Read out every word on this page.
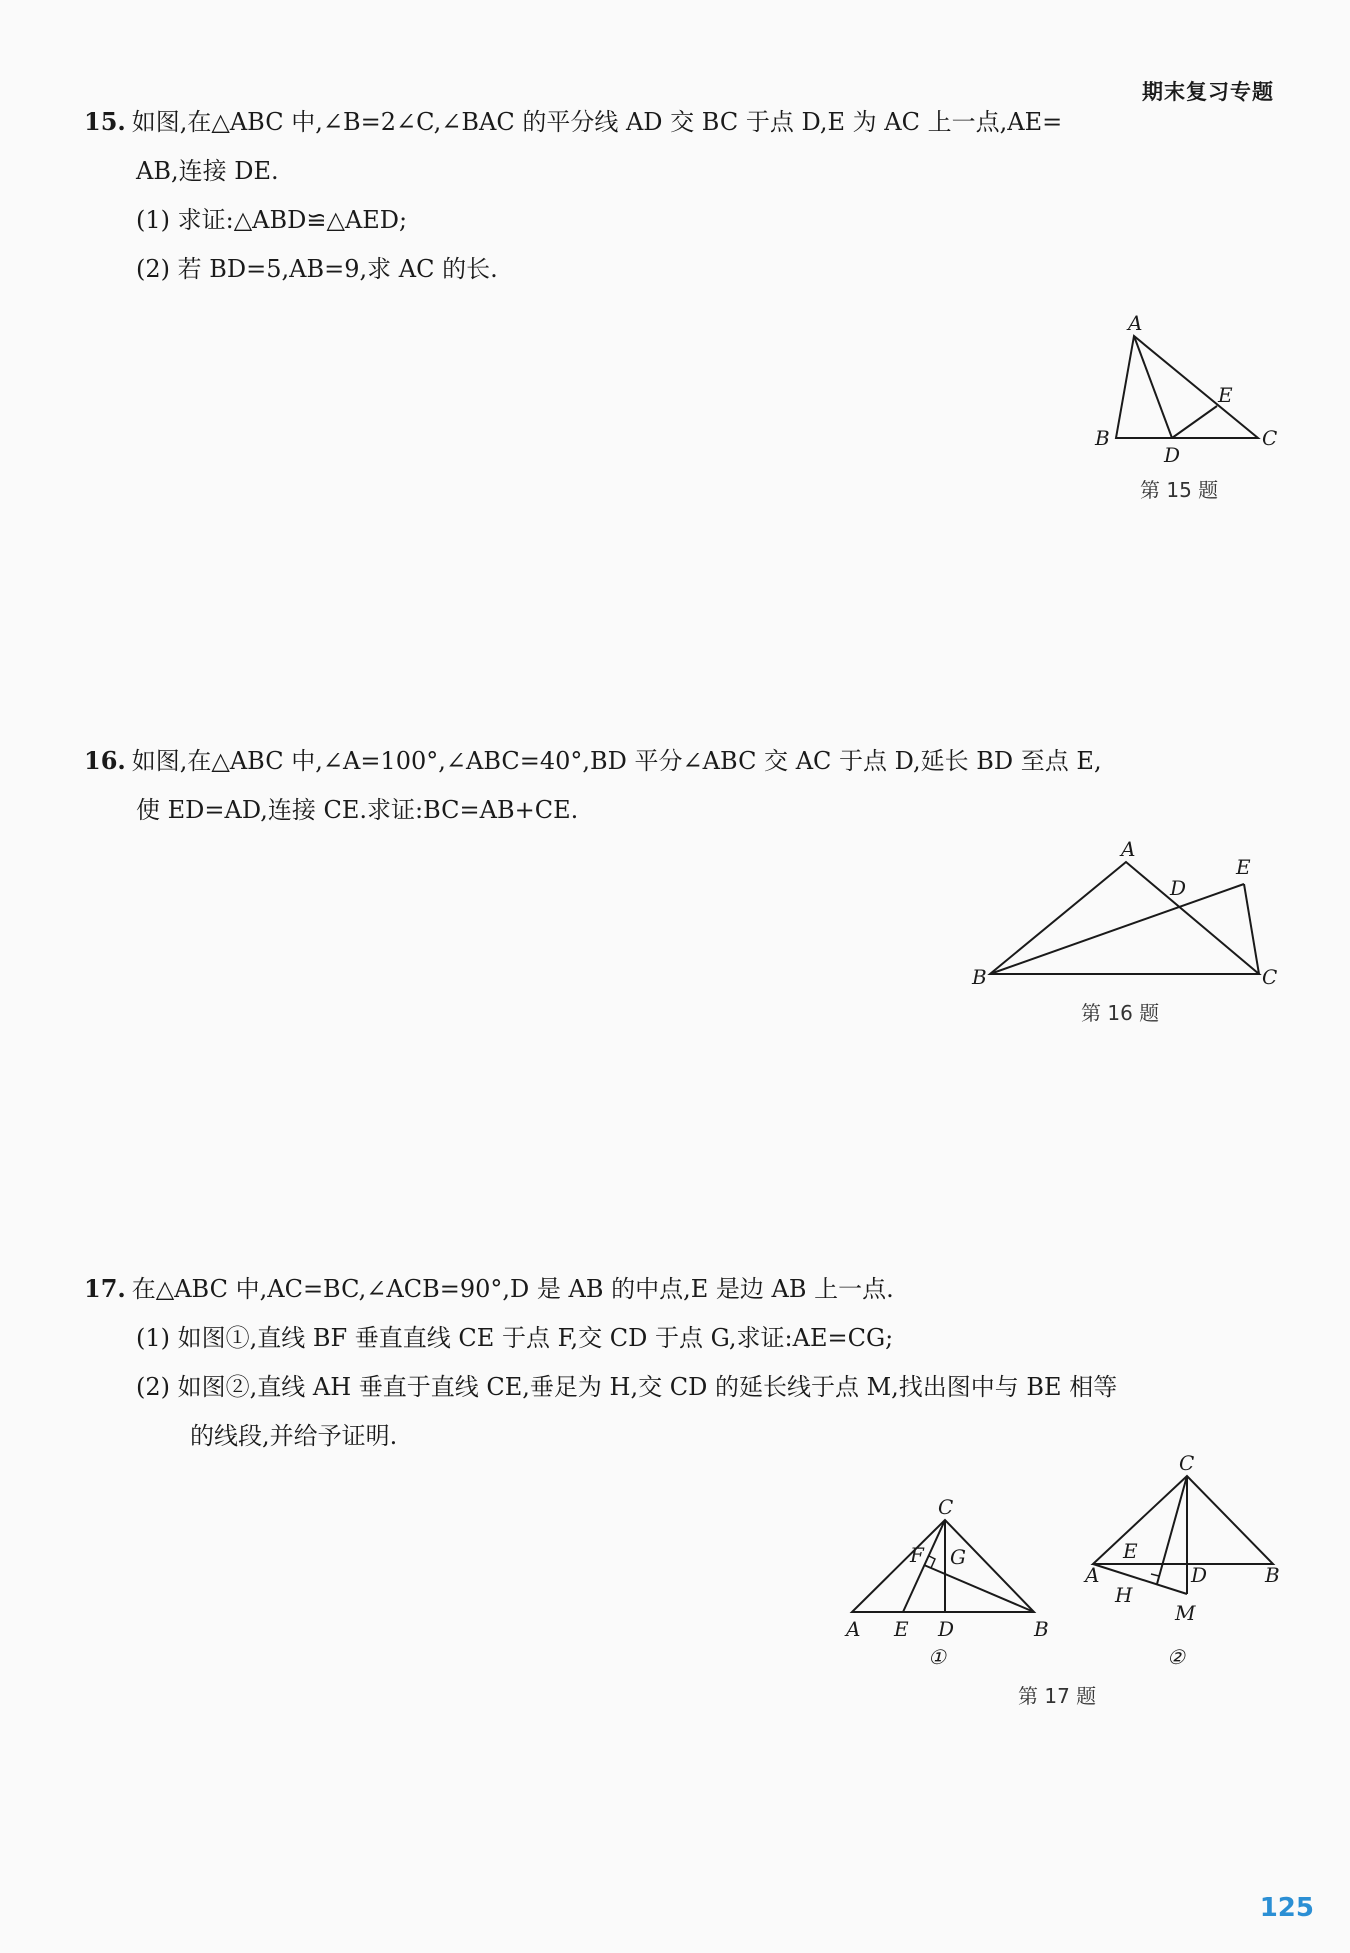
期末复习专题
15. 如图,在△ABC 中,∠B=2∠C,∠BAC 的平分线 AD 交 BC 于点 D,E 为 AC 上一点,AE=
AB,连接 DE.
(1) 求证:△ABD≌△AED;
(2) 若 BD=5,AB=9,求 AC 的长.
A
B	C
D
E
第 15 题
16. 如图,在△ABC 中,∠A=100°,∠ABC=40°,BD 平分∠ABC 交 AC 于点 D,延长 BD 至点 E,
使 ED=AD,连接 CE.求证:BC=AB+CE.
A
B	C
D
E
第 16 题
17. 在△ABC 中,AC=BC,∠ACB=90°,D 是 AB 的中点,E 是边 AB 上一点.
(1) 如图①,直线 BF 垂直直线 CE 于点 F,交 CD 于点 G,求证:AE=CG;
(2) 如图②,直线 AH 垂直于直线 CE,垂足为 H,交 CD 的延长线于点 M,找出图中与 BE 相等
的线段,并给予证明.
C
A	B
D
E
F G
①
C
A	B
D
E
H
M
②
第 17 题
125
